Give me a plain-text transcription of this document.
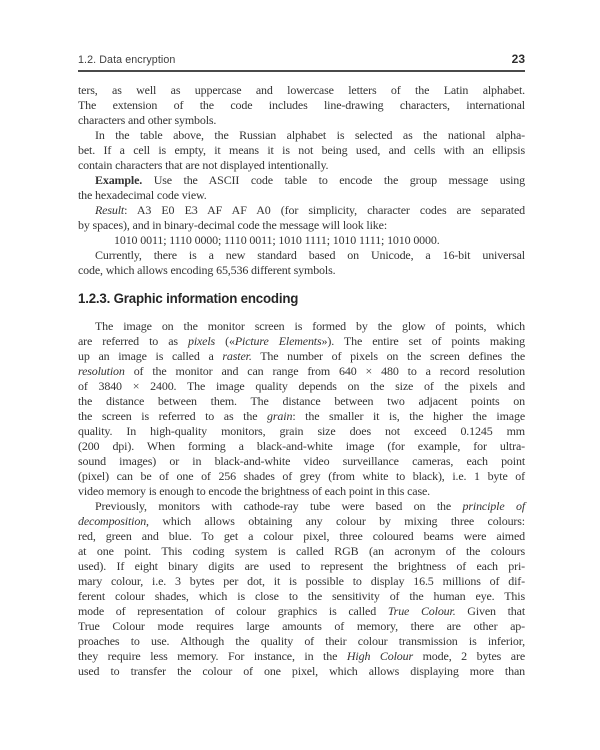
1.2. Data encryption	23
ters, as well as uppercase and lowercase letters of the Latin alphabet.
The extension of the code includes line-drawing characters, international
characters and other symbols.
In the table above, the Russian alphabet is selected as the national alpha-
bet. If a cell is empty, it means it is not being used, and cells with an ellipsis
contain characters that are not displayed intentionally.
Example. Use the ASCII code table to encode the group message using
the hexadecimal code view.
Result: A3 E0 E3 AF AF A0 (for simplicity, character codes are separated
by spaces), and in binary-decimal code the message will look like:
1010 0011; 1110 0000; 1110 0011; 1010 1111; 1010 1111; 1010 0000.
Currently, there is a new standard based on Unicode, a 16-bit universal
code, which allows encoding 65,536 different symbols.
1.2.3. Graphic information encoding
The image on the monitor screen is formed by the glow of points, which
are referred to as pixels («Picture Elements»). The entire set of points making
up an image is called a raster. The number of pixels on the screen defines the
resolution of the monitor and can range from 640 × 480 to a record resolution
of 3840 × 2400. The image quality depends on the size of the pixels and
the distance between them. The distance between two adjacent points on
the screen is referred to as the grain: the smaller it is, the higher the image
quality. In high-quality monitors, grain size does not exceed 0.1245 mm
(200 dpi). When forming a black-and-white image (for example, for ultra-
sound images) or in black-and-white video surveillance cameras, each point
(pixel) can be of one of 256 shades of grey (from white to black), i.e. 1 byte of
video memory is enough to encode the brightness of each point in this case.
Previously, monitors with cathode-ray tube were based on the principle of
decomposition, which allows obtaining any colour by mixing three colours:
red, green and blue. To get a colour pixel, three coloured beams were aimed
at one point. This coding system is called RGB (an acronym of the colours
used). If eight binary digits are used to represent the brightness of each pri-
mary colour, i.e. 3 bytes per dot, it is possible to display 16.5 millions of dif-
ferent colour shades, which is close to the sensitivity of the human eye. This
mode of representation of colour graphics is called True Colour. Given that
True Colour mode requires large amounts of memory, there are other ap-
proaches to use. Although the quality of their colour transmission is inferior,
they require less memory. For instance, in the High Colour mode, 2 bytes are
used to transfer the colour of one pixel, which allows displaying more than
